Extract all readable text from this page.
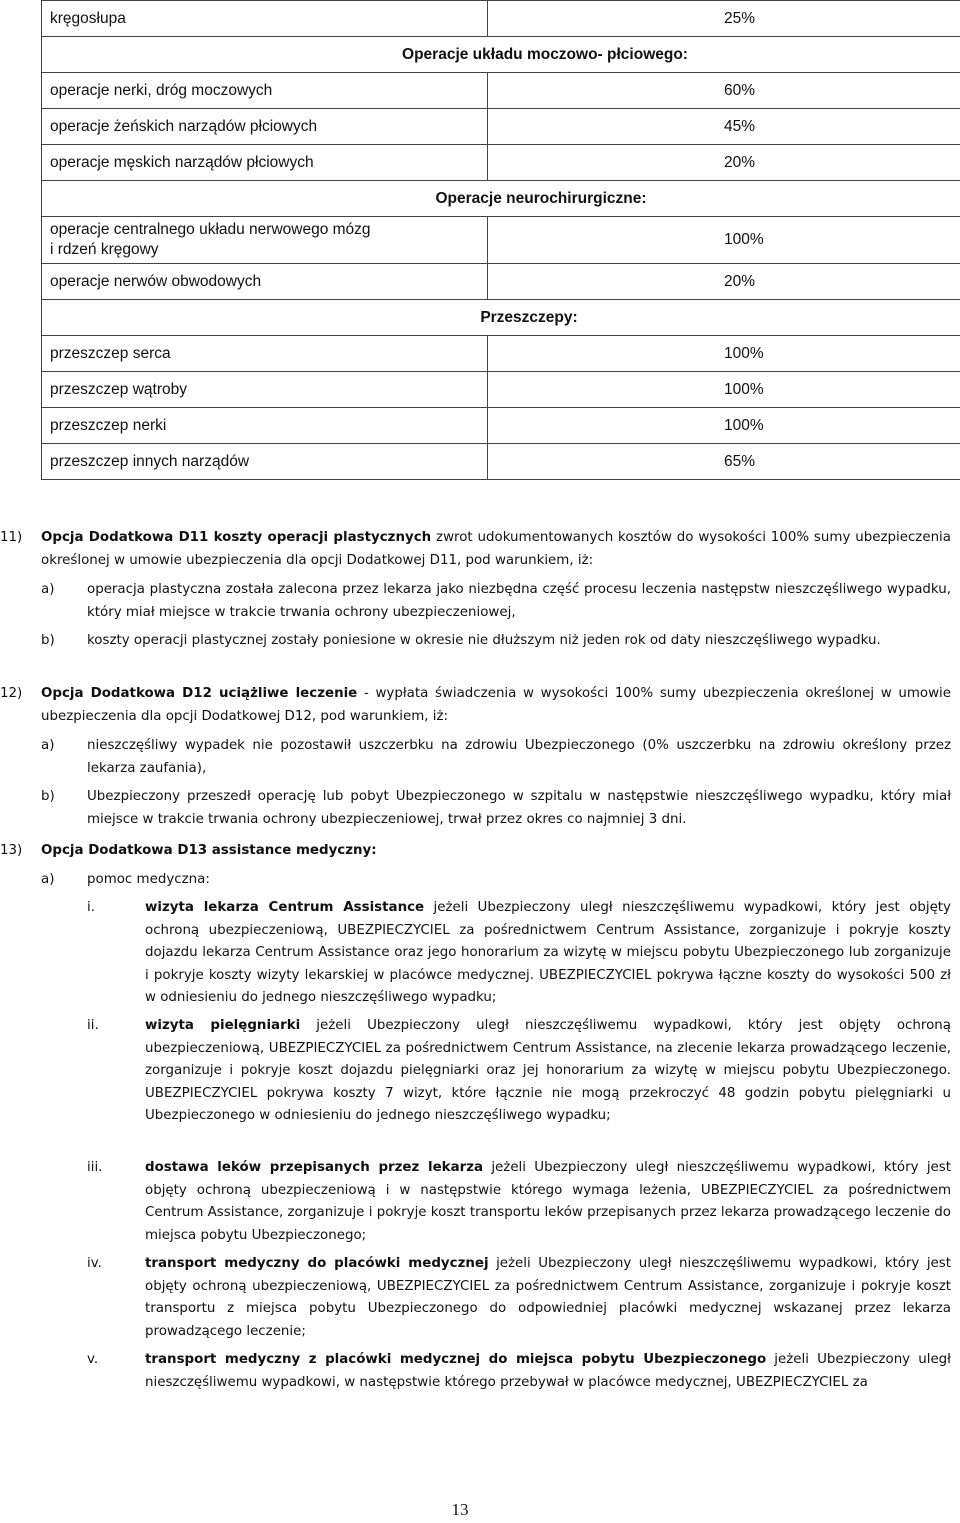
kręgosłupa	25%
Operacje układu moczowo- płciowego:	
operacje nerki, dróg moczowych	60%
operacje żeńskich narządów płciowych	45%
operacje męskich narządów płciowych	20%
Operacje neurochirurgiczne:	

operacje centralnego układu nerwowego mózg
i rdzeń kręgowy	100%
operacje nerwów obwodowych	20%
Przeszczepy:	
przeszczep serca	100%
przeszczep wątroby	100%
przeszczep nerki	100%
przeszczep innych narządów	65%
11) Opcja Dodatkowa D11 koszty operacji plastycznych zwrot udokumentowanych kosztów do wysokości 100% sumy ubezpieczenia określonej w umowie ubezpieczenia dla opcji Dodatkowej D11, pod warunkiem, iż:
a) operacja plastyczna została zalecona przez lekarza jako niezbędna część procesu leczenia następstw nieszczęśliwego wypadku, który miał miejsce w trakcie trwania ochrony ubezpieczeniowej,
b) koszty operacji plastycznej zostały poniesione w okresie nie dłuższym niż jeden rok od daty nieszczęśliwego wypadku.
12) Opcja Dodatkowa D12 uciążliwe leczenie - wypłata świadczenia w wysokości 100% sumy ubezpieczenia określonej w umowie ubezpieczenia dla opcji Dodatkowej D12, pod warunkiem, iż:
a) nieszczęśliwy wypadek nie pozostawił uszczerbku na zdrowiu Ubezpieczonego (0% uszczerbku na zdrowiu określony przez lekarza zaufania),
b) Ubezpieczony przeszedł operację lub pobyt Ubezpieczonego w szpitalu w następstwie nieszczęśliwego wypadku, który miał miejsce w trakcie trwania ochrony ubezpieczeniowej, trwał przez okres co najmniej 3 dni.
13) Opcja Dodatkowa D13 assistance medyczny:
a) pomoc medyczna:
i.	wizyta lekarza Centrum Assistance jeżeli Ubezpieczony uległ nieszczęśliwemu wypadkowi, który jest objęty ochroną ubezpieczeniową, UBEZPIECZYCIEL za pośrednictwem Centrum Assistance, zorganizuje i pokryje koszty dojazdu lekarza Centrum Assistance oraz jego honorarium za wizytę w miejscu pobytu Ubezpieczonego lub zorganizuje i pokryje koszty wizyty lekarskiej w placówce medycznej. UBEZPIECZYCIEL pokrywa łączne koszty do wysokości 500 zł w odniesieniu do jednego nieszczęśliwego wypadku;
ii.	wizyta pielęgniarki jeżeli Ubezpieczony uległ nieszczęśliwemu wypadkowi, który jest objęty ochroną ubezpieczeniową, UBEZPIECZYCIEL za pośrednictwem Centrum Assistance, na zlecenie lekarza prowadzącego leczenie, zorganizuje i pokryje koszt dojazdu pielęgniarki oraz jej honorarium za wizytę w miejscu pobytu Ubezpieczonego. UBEZPIECZYCIEL pokrywa koszty 7 wizyt, które łącznie nie mogą przekroczyć 48 godzin pobytu pielęgniarki u Ubezpieczonego w odniesieniu do jednego nieszczęśliwego wypadku;
iii.	dostawa leków przepisanych przez lekarza jeżeli Ubezpieczony uległ nieszczęśliwemu wypadkowi, który jest objęty ochroną ubezpieczeniową i w następstwie którego wymaga leżenia, UBEZPIECZYCIEL za pośrednictwem Centrum Assistance, zorganizuje i pokryje koszt transportu leków przepisanych przez lekarza prowadzącego leczenie do miejsca pobytu Ubezpieczonego;
iv.	transport medyczny do placówki medycznej jeżeli Ubezpieczony uległ nieszczęśliwemu wypadkowi, który jest objęty ochroną ubezpieczeniową, UBEZPIECZYCIEL za pośrednictwem Centrum Assistance, zorganizuje i pokryje koszt transportu z miejsca pobytu Ubezpieczonego do odpowiedniej placówki medycznej wskazanej przez lekarza prowadzącego leczenie;
v.	transport medyczny z placówki medycznej do miejsca pobytu Ubezpieczonego jeżeli Ubezpieczony uległ nieszczęśliwemu wypadkowi, w następstwie którego przebywał w placówce medycznej, UBEZPIECZYCIEL za
13
